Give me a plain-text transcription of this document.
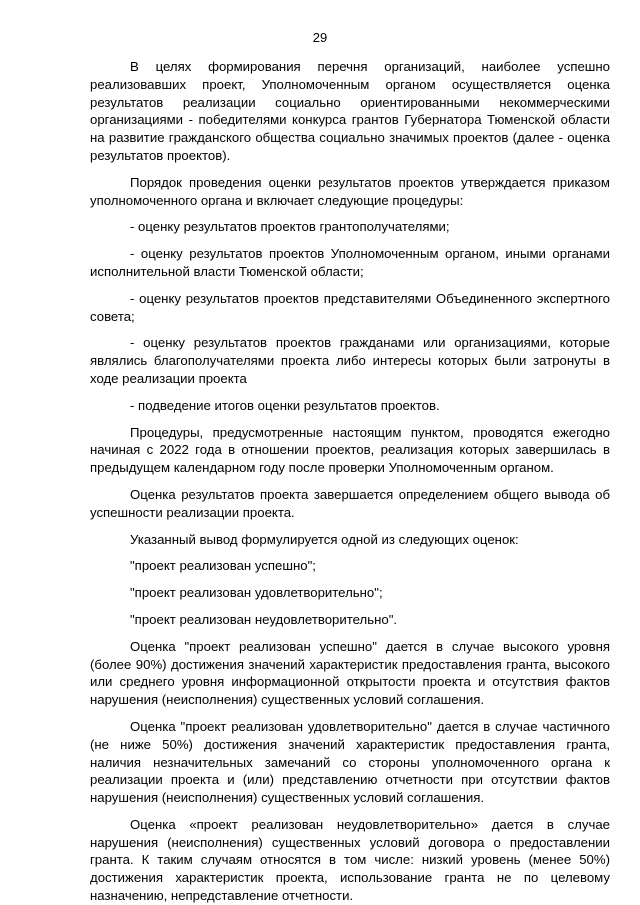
29

В целях формирования перечня организаций, наиболее успешно реализовавших проект, Уполномоченным органом осуществляется оценка результатов реализации социально ориентированными некоммерческими организациями - победителями конкурса грантов Губернатора Тюменской области на развитие гражданского общества социально значимых проектов (далее - оценка результатов проектов).

Порядок проведения оценки результатов проектов утверждается приказом уполномоченного органа и включает следующие процедуры:

- оценку результатов проектов грантополучателями;

- оценку результатов проектов Уполномоченным органом, иными органами исполнительной власти Тюменской области;

- оценку результатов проектов представителями Объединенного экспертного совета;

- оценку результатов проектов гражданами или организациями, которые являлись благополучателями проекта либо интересы которых были затронуты в ходе реализации проекта

- подведение итогов оценки результатов проектов.

Процедуры, предусмотренные настоящим пунктом, проводятся ежегодно начиная с 2022 года в отношении проектов, реализация которых завершилась в предыдущем календарном году после проверки Уполномоченным органом.

Оценка результатов проекта завершается определением общего вывода об успешности реализации проекта.

Указанный вывод формулируется одной из следующих оценок:

"проект реализован успешно";

"проект реализован удовлетворительно";

"проект реализован неудовлетворительно".

Оценка "проект реализован успешно" дается в случае высокого уровня (более 90%) достижения значений характеристик предоставления гранта, высокого или среднего уровня информационной открытости проекта и отсутствия фактов нарушения (неисполнения) существенных условий соглашения.

Оценка "проект реализован удовлетворительно" дается в случае частичного (не ниже 50%) достижения значений характеристик предоставления гранта, наличия незначительных замечаний со стороны уполномоченного органа к реализации проекта и (или) представлению отчетности при отсутствии фактов нарушения (неисполнения) существенных условий соглашения.

Оценка «проект реализован неудовлетворительно» дается в случае нарушения (неисполнения) существенных условий договора о предоставлении гранта. К таким случаям относятся в том числе: низкий уровень (менее 50%) достижения характеристик проекта, использование гранта не по целевому назначению, непредставление отчетности.
